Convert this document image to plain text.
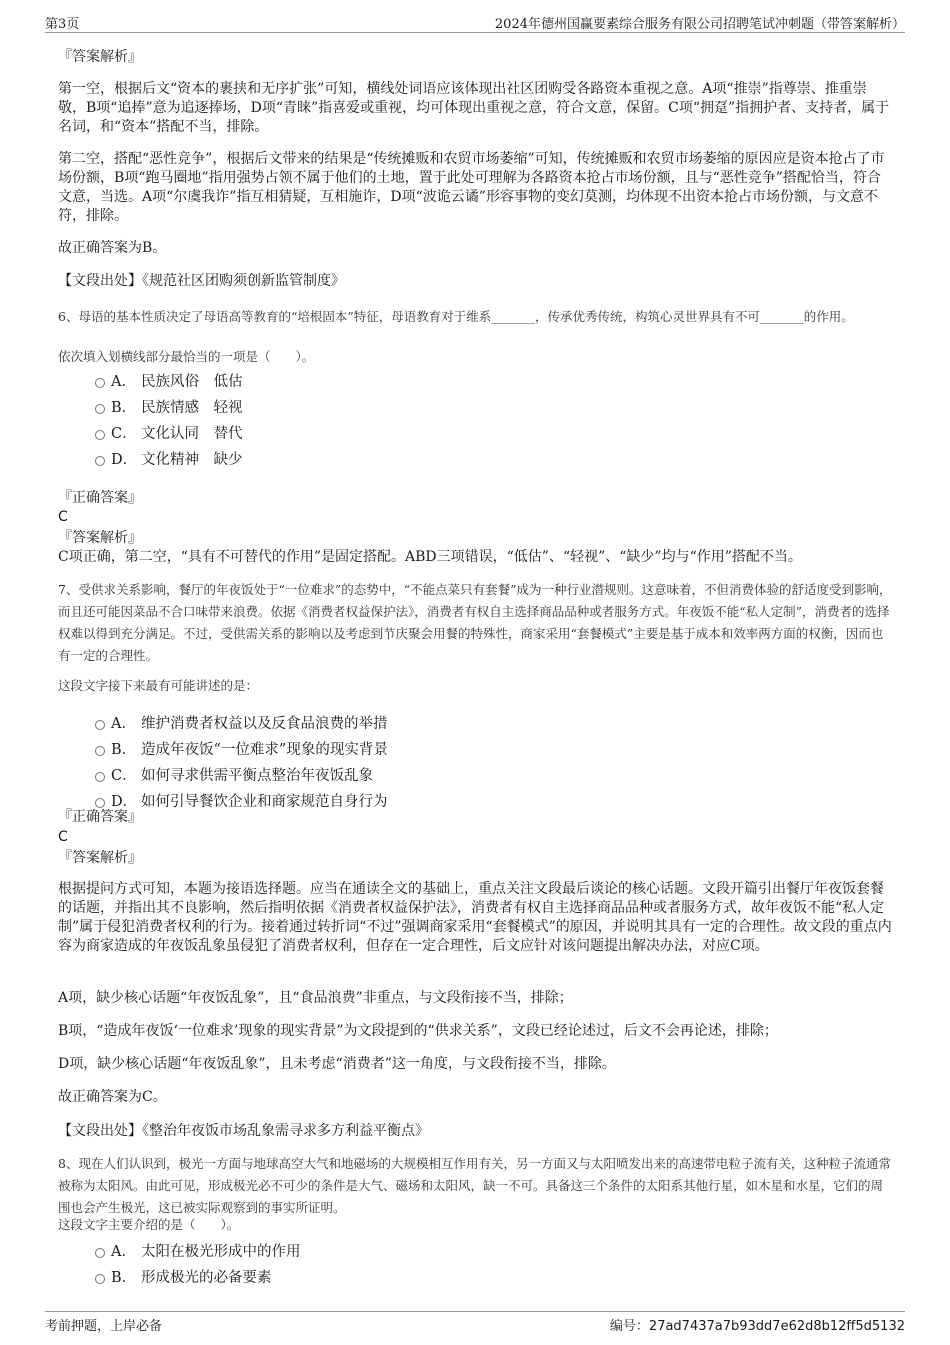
第3页	2024年德州国赢要素综合服务有限公司招聘笔试冲刺题（带答案解析）
『答案解析』
第一空，根据后文“资本的裹挟和无序扩张”可知，横线处词语应该体现出社区团购受各路资本重视之意。A项“推崇”指尊崇、推重崇敬，B项“追捧”意为追逐捧场，D项“青睐”指喜爱或重视，均可体现出重视之意，符合文意，保留。C项“拥趸”指拥护者、支持者，属于名词，和“资本”搭配不当，排除。
第二空，搭配“恶性竞争”，根据后文带来的结果是“传统摊贩和农贸市场萎缩”可知，传统摊贩和农贸市场萎缩的原因应是资本抢占了市场份额，B项“跑马圈地”指用强势占领不属于他们的土地，置于此处可理解为各路资本抢占市场份额，且与“恶性竞争”搭配恰当，符合文意，当选。A项“尔虞我诈”指互相猜疑，互相施诈，D项“波诡云谲”形容事物的变幻莫测，均体现不出资本抢占市场份额，与文意不符，排除。
故正确答案为B。
【文段出处】《规范社区团购须创新监管制度》
6、母语的基本性质决定了母语高等教育的“培根固本”特征，母语教育对于维系_______，传承优秀传统，构筑心灵世界具有不可_______的作用。
依次填入划横线部分最恰当的一项是（　　）。
A． 民族风俗　低估
B． 民族情感　轻视
C． 文化认同　替代
D． 文化精神　缺少
『正确答案』
C
『答案解析』
C项正确，第二空，“具有不可替代的作用”是固定搭配。ABD三项错误，“低估”、“轻视”、“缺少”均与“作用”搭配不当。
7、受供求关系影响，餐厅的年夜饭处于“一位难求”的态势中，“不能点菜只有套餐”成为一种行业潜规则。这意味着，不但消费体验的舒适度受到影响，而且还可能因菜品不合口味带来浪费。依据《消费者权益保护法》，消费者有权自主选择商品品种或者服务方式。年夜饭不能“私人定制”，消费者的选择权难以得到充分满足。不过，受供需关系的影响以及考虑到节庆聚会用餐的特殊性，商家采用“套餐模式”主要是基于成本和效率两方面的权衡，因而也有一定的合理性。
这段文字接下来最有可能讲述的是：
A． 维护消费者权益以及反食品浪费的举措
B． 造成年夜饭“一位难求”现象的现实背景
C． 如何寻求供需平衡点整治年夜饭乱象
D． 如何引导餐饮企业和商家规范自身行为
『正确答案』
C
『答案解析』
根据提问方式可知，本题为接语选择题。应当在通读全文的基础上，重点关注文段最后谈论的核心话题。文段开篇引出餐厅年夜饭套餐的话题，并指出其不良影响，然后指明依据《消费者权益保护法》，消费者有权自主选择商品品种或者服务方式，故年夜饭不能“私人定制”属于侵犯消费者权利的行为。接着通过转折词“不过”强调商家采用“套餐模式”的原因，并说明其具有一定的合理性。故文段的重点内容为商家造成的年夜饭乱象虽侵犯了消费者权利，但存在一定合理性，后文应针对该问题提出解决办法，对应C项。
A项，缺少核心话题“年夜饭乱象”，且“食品浪费”非重点，与文段衔接不当，排除；
B项，“造成年夜饭‘一位难求’现象的现实背景”为文段提到的“供求关系”，文段已经论述过，后文不会再论述，排除；
D项，缺少核心话题“年夜饭乱象”，且未考虑“消费者”这一角度，与文段衔接不当，排除。
故正确答案为C。
【文段出处】《整治年夜饭市场乱象需寻求多方利益平衡点》
8、现在人们认识到，极光一方面与地球高空大气和地磁场的大规模相互作用有关，另一方面又与太阳喷发出来的高速带电粒子流有关，这种粒子流通常被称为太阳风。由此可见，形成极光必不可少的条件是大气、磁场和太阳风，缺一不可。具备这三个条件的太阳系其他行星，如木星和水星，它们的周围也会产生极光，这已被实际观察到的事实所证明。
这段文字主要介绍的是（　　）。
A． 太阳在极光形成中的作用
B． 形成极光的必备要素
考前押题，上岸必备	编号：27ad7437a7b93dd7e62d8b12ff5d5132
